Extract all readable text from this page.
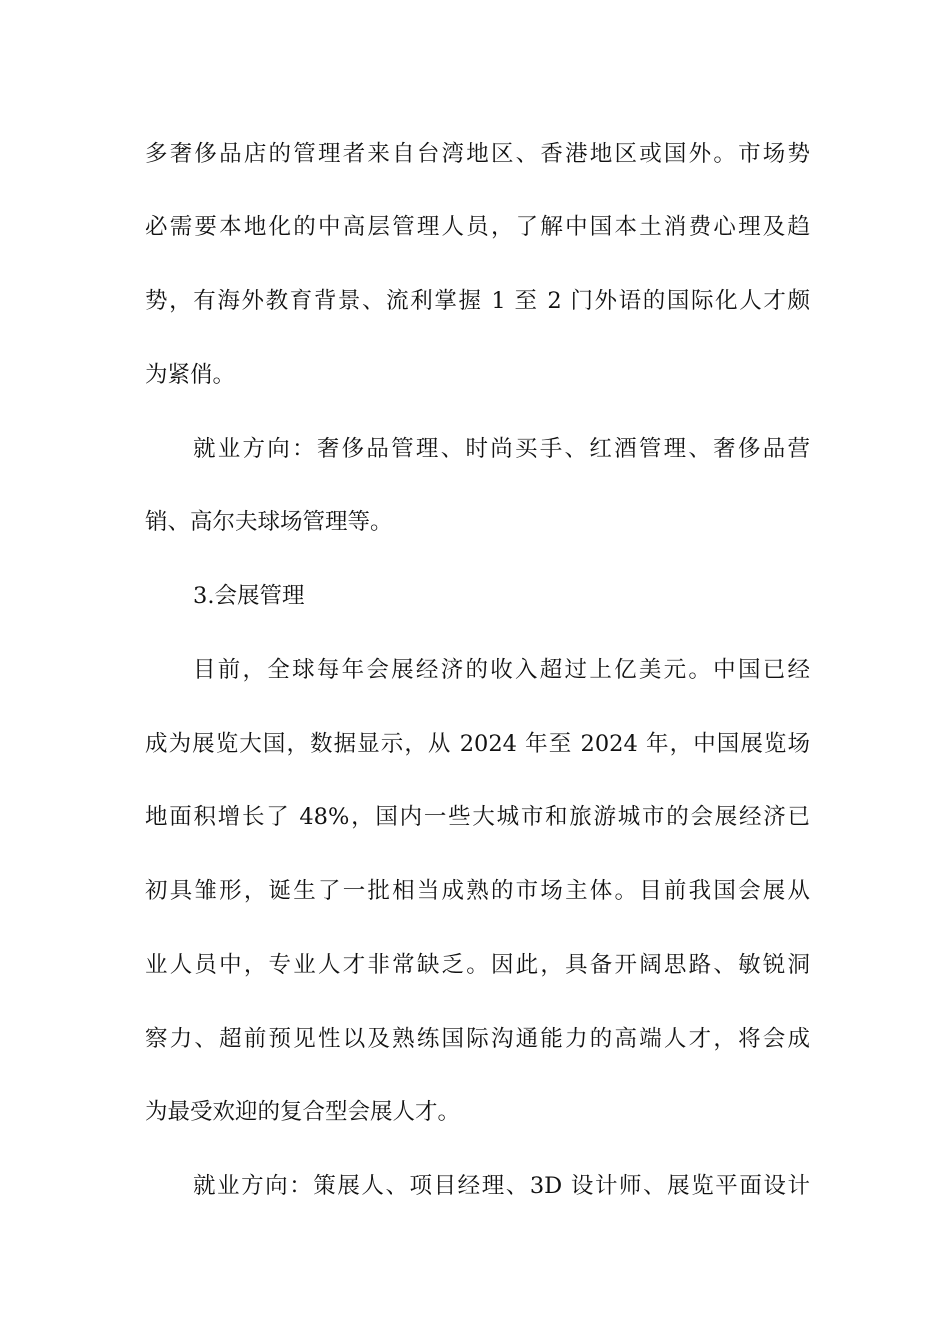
多奢侈品店的管理者来自台湾地区、香港地区或国外。市场势
必需要本地化的中高层管理人员，了解中国本土消费心理及趋
势，有海外教育背景、流利掌握 1 至 2 门外语的国际化人才颇
为紧俏。
就业方向：奢侈品管理、时尚买手、红酒管理、奢侈品营
销、高尔夫球场管理等。
3.会展管理
目前，全球每年会展经济的收入超过上亿美元。中国已经
成为展览大国，数据显示，从 2024 年至 2024 年，中国展览场
地面积增长了 48%，国内一些大城市和旅游城市的会展经济已
初具雏形，诞生了一批相当成熟的市场主体。目前我国会展从
业人员中，专业人才非常缺乏。因此，具备开阔思路、敏锐洞
察力、超前预见性以及熟练国际沟通能力的高端人才，将会成
为最受欢迎的复合型会展人才。
就业方向：策展人、项目经理、3D 设计师、展览平面设计
